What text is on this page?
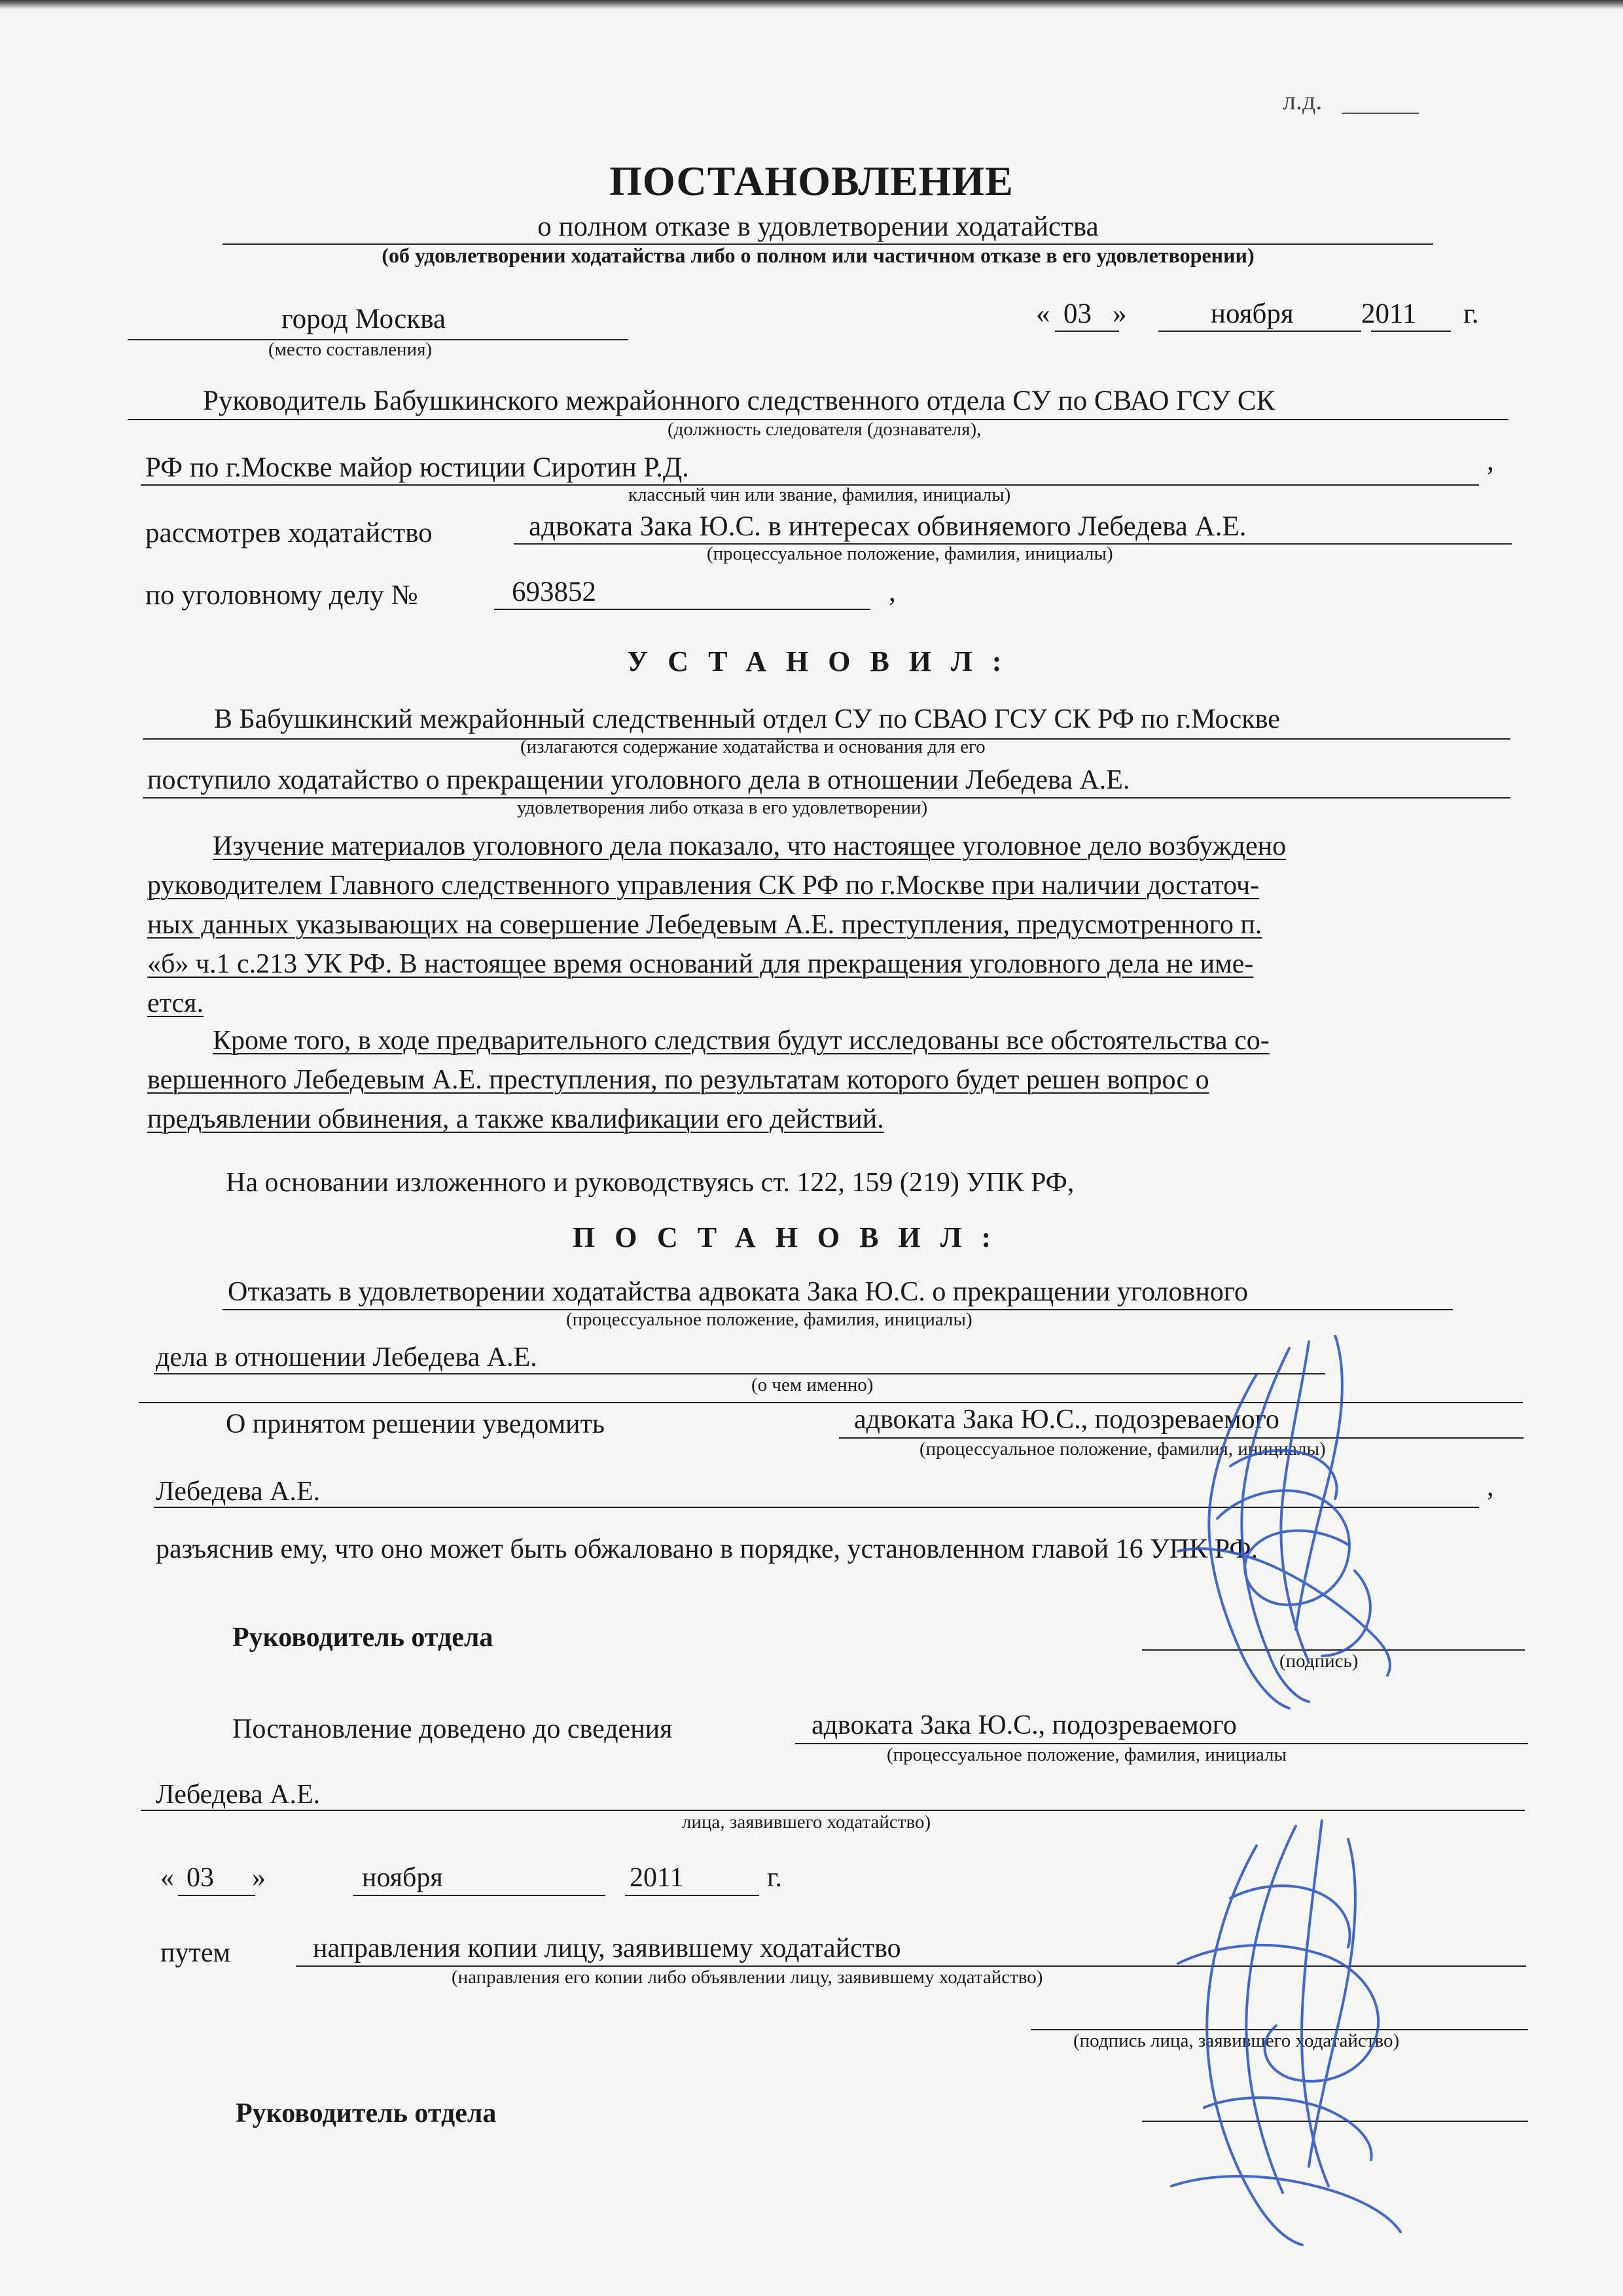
л.д.
ПОСТАНОВЛЕНИЕ
о полном отказе в удовлетворении ходатайства
(об удовлетворении ходатайства либо о полном или частичном отказе в его удовлетворении)
город Москва
(место составления)
« 03 »	ноября 2011 г.
Руководитель Бабушкинского межрайонного следственного отдела СУ по СВАО ГСУ СК
(должность следователя (дознавателя),
РФ по г.Москве майор юстиции Сиротин Р.Д.	,
классный чин или звание, фамилия, инициалы)
рассмотрев ходатайство	адвоката Зака Ю.С. в интересах обвиняемого Лебедева А.Е.
(процессуальное положение, фамилия, инициалы)
по уголовному делу №	693852	,
УСТАНОВИЛ:
В Бабушкинский межрайонный следственный отдел СУ по СВАО ГСУ СК РФ по г.Москве
(излагаются содержание ходатайства и основания для его
поступило ходатайство о прекращении уголовного дела в отношении Лебедева А.Е.
удовлетворения либо отказа в его удовлетворении)
Изучение материалов уголовного дела показало, что настоящее уголовное дело возбуждено
руководителем Главного следственного управления СК РФ по г.Москве при наличии достаточ-
ных данных указывающих на совершение Лебедевым А.Е. преступления, предусмотренного п.
«б» ч.1 с.213 УК РФ. В настоящее время оснований для прекращения уголовного дела не име-
ется.
Кроме того, в ходе предварительного следствия будут исследованы все обстоятельства со-
вершенного Лебедевым А.Е. преступления, по результатам которого будет решен вопрос о
предъявлении обвинения, а также квалификации его действий.
На основании изложенного и руководствуясь ст. 122, 159 (219) УПК РФ,
ПОСТАНОВИЛ:
Отказать в удовлетворении ходатайства адвоката Зака Ю.С. о прекращении уголовного
(процессуальное положение, фамилия, инициалы)
дела в отношении Лебедева А.Е.
(о чем именно)
О принятом решении уведомить	адвоката Зака Ю.С., подозреваемого
(процессуальное положение, фамилия, инициалы)
Лебедева А.Е.	,
разъяснив ему, что оно может быть обжаловано в порядке, установленном главой 16 УПК РФ.
Руководитель отдела
(подпись)
Постановление доведено до сведения	адвоката Зака Ю.С., подозреваемого
(процессуальное положение, фамилия, инициалы
Лебедева А.Е.
лица, заявившего ходатайство)
« 03 »	ноября	2011	г.
путем	направления копии лицу, заявившему ходатайство
(направления его копии либо объявлении лицу, заявившему ходатайство)
(подпись лица, заявившего ходатайство)
Руководитель отдела
